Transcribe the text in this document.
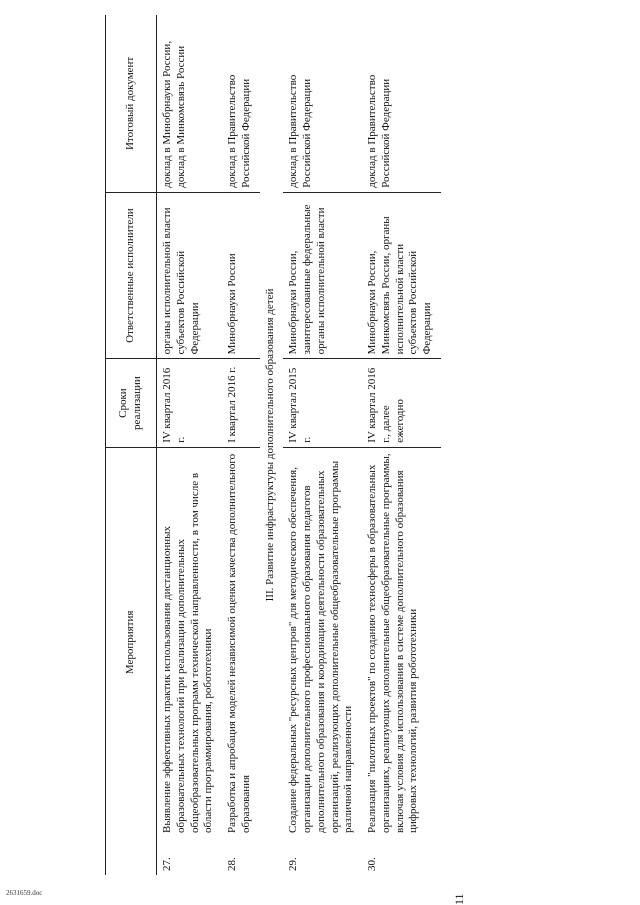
11
	Мероприятия	Сроки реализации	Ответственные исполнители	Итоговый документ
27.	Выявление эффективных практик использования дистанционных образовательных технологий при реализации дополнительных общеобразовательных программ технической направленности, в том числе в области программирования, робототехники	IV квартал 2016 г.	органы исполнительной власти субъектов Российской Федерации	доклад в Минобрнауки России, доклад в Минкомсвязь России
28.	Разработка и апробация моделей независимой оценки качества дополнительного образования	I квартал 2016 г.	Минобрнауки России	доклад в Правительство Российской Федерации
III. Развитие инфраструктуры дополнительного образования детей				
29.	Создание федеральных "ресурсных центров" для методического обеспечения, организации дополнительного профессионального образования педагогов дополнительного образования и координации деятельности образовательных организаций, реализующих дополнительные общеобразовательные программы различной направленности	IV квартал 2015 г.	Минобрнауки России, заинтересованные федеральные органы исполнительной власти	доклад в Правительство Российской Федерации
30.	Реализация "пилотных проектов" по созданию техносферы в образовательных организациях, реализующих дополнительные общеобразовательные программы, включая условия для использования в системе дополнительного образования цифровых технологий, развития робототехники	IV квартал 2016 г., далее ежегодно	Минобрнауки России, Минкомсвязь России, органы исполнительной власти субъектов Российской Федерации	доклад в Правительство Российской Федерации
2631659.doc
